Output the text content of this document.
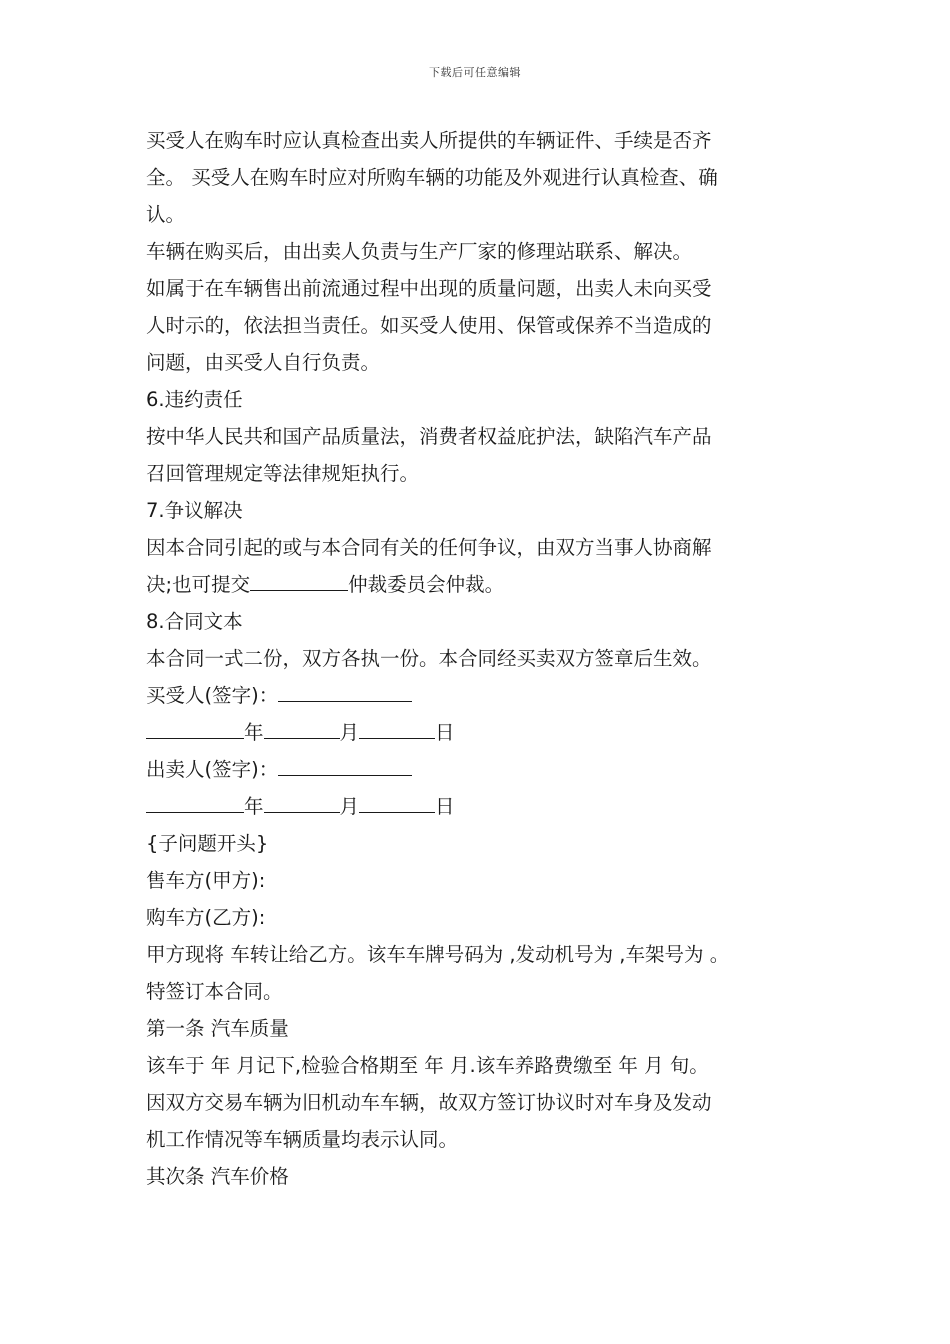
下载后可任意编辑
买受人在购车时应认真检查出卖人所提供的车辆证件、手续是否齐
全。 买受人在购车时应对所购车辆的功能及外观进行认真检查、确
认。
车辆在购买后，由出卖人负责与生产厂家的修理站联系、解决。
如属于在车辆售出前流通过程中出现的质量问题，出卖人未向买受
人时示的，依法担当责任。如买受人使用、保管或保养不当造成的
问题，由买受人自行负责。
6.违约责任
按中华人民共和国产品质量法，消费者权益庇护法，缺陷汽车产品
召回管理规定等法律规矩执行。
7.争议解决
因本合同引起的或与本合同有关的任何争议，由双方当事人协商解
决;也可提交	仲裁委员会仲裁。
8.合同文本
本合同一式二份，双方各执一份。本合同经买卖双方签章后生效。
买受人(签字)：
年	月	日
出卖人(签字)：
年	月	日
{子问题开头}
售车方(甲方):
购车方(乙方):
甲方现将 车转让给乙方。该车车牌号码为 ,发动机号为 ,车架号为 。
特签订本合同。
第一条 汽车质量
该车于 年 月记下,检验合格期至 年 月.该车养路费缴至 年 月 旬。
因双方交易车辆为旧机动车车辆，故双方签订协议时对车身及发动
机工作情况等车辆质量均表示认同。
其次条 汽车价格
